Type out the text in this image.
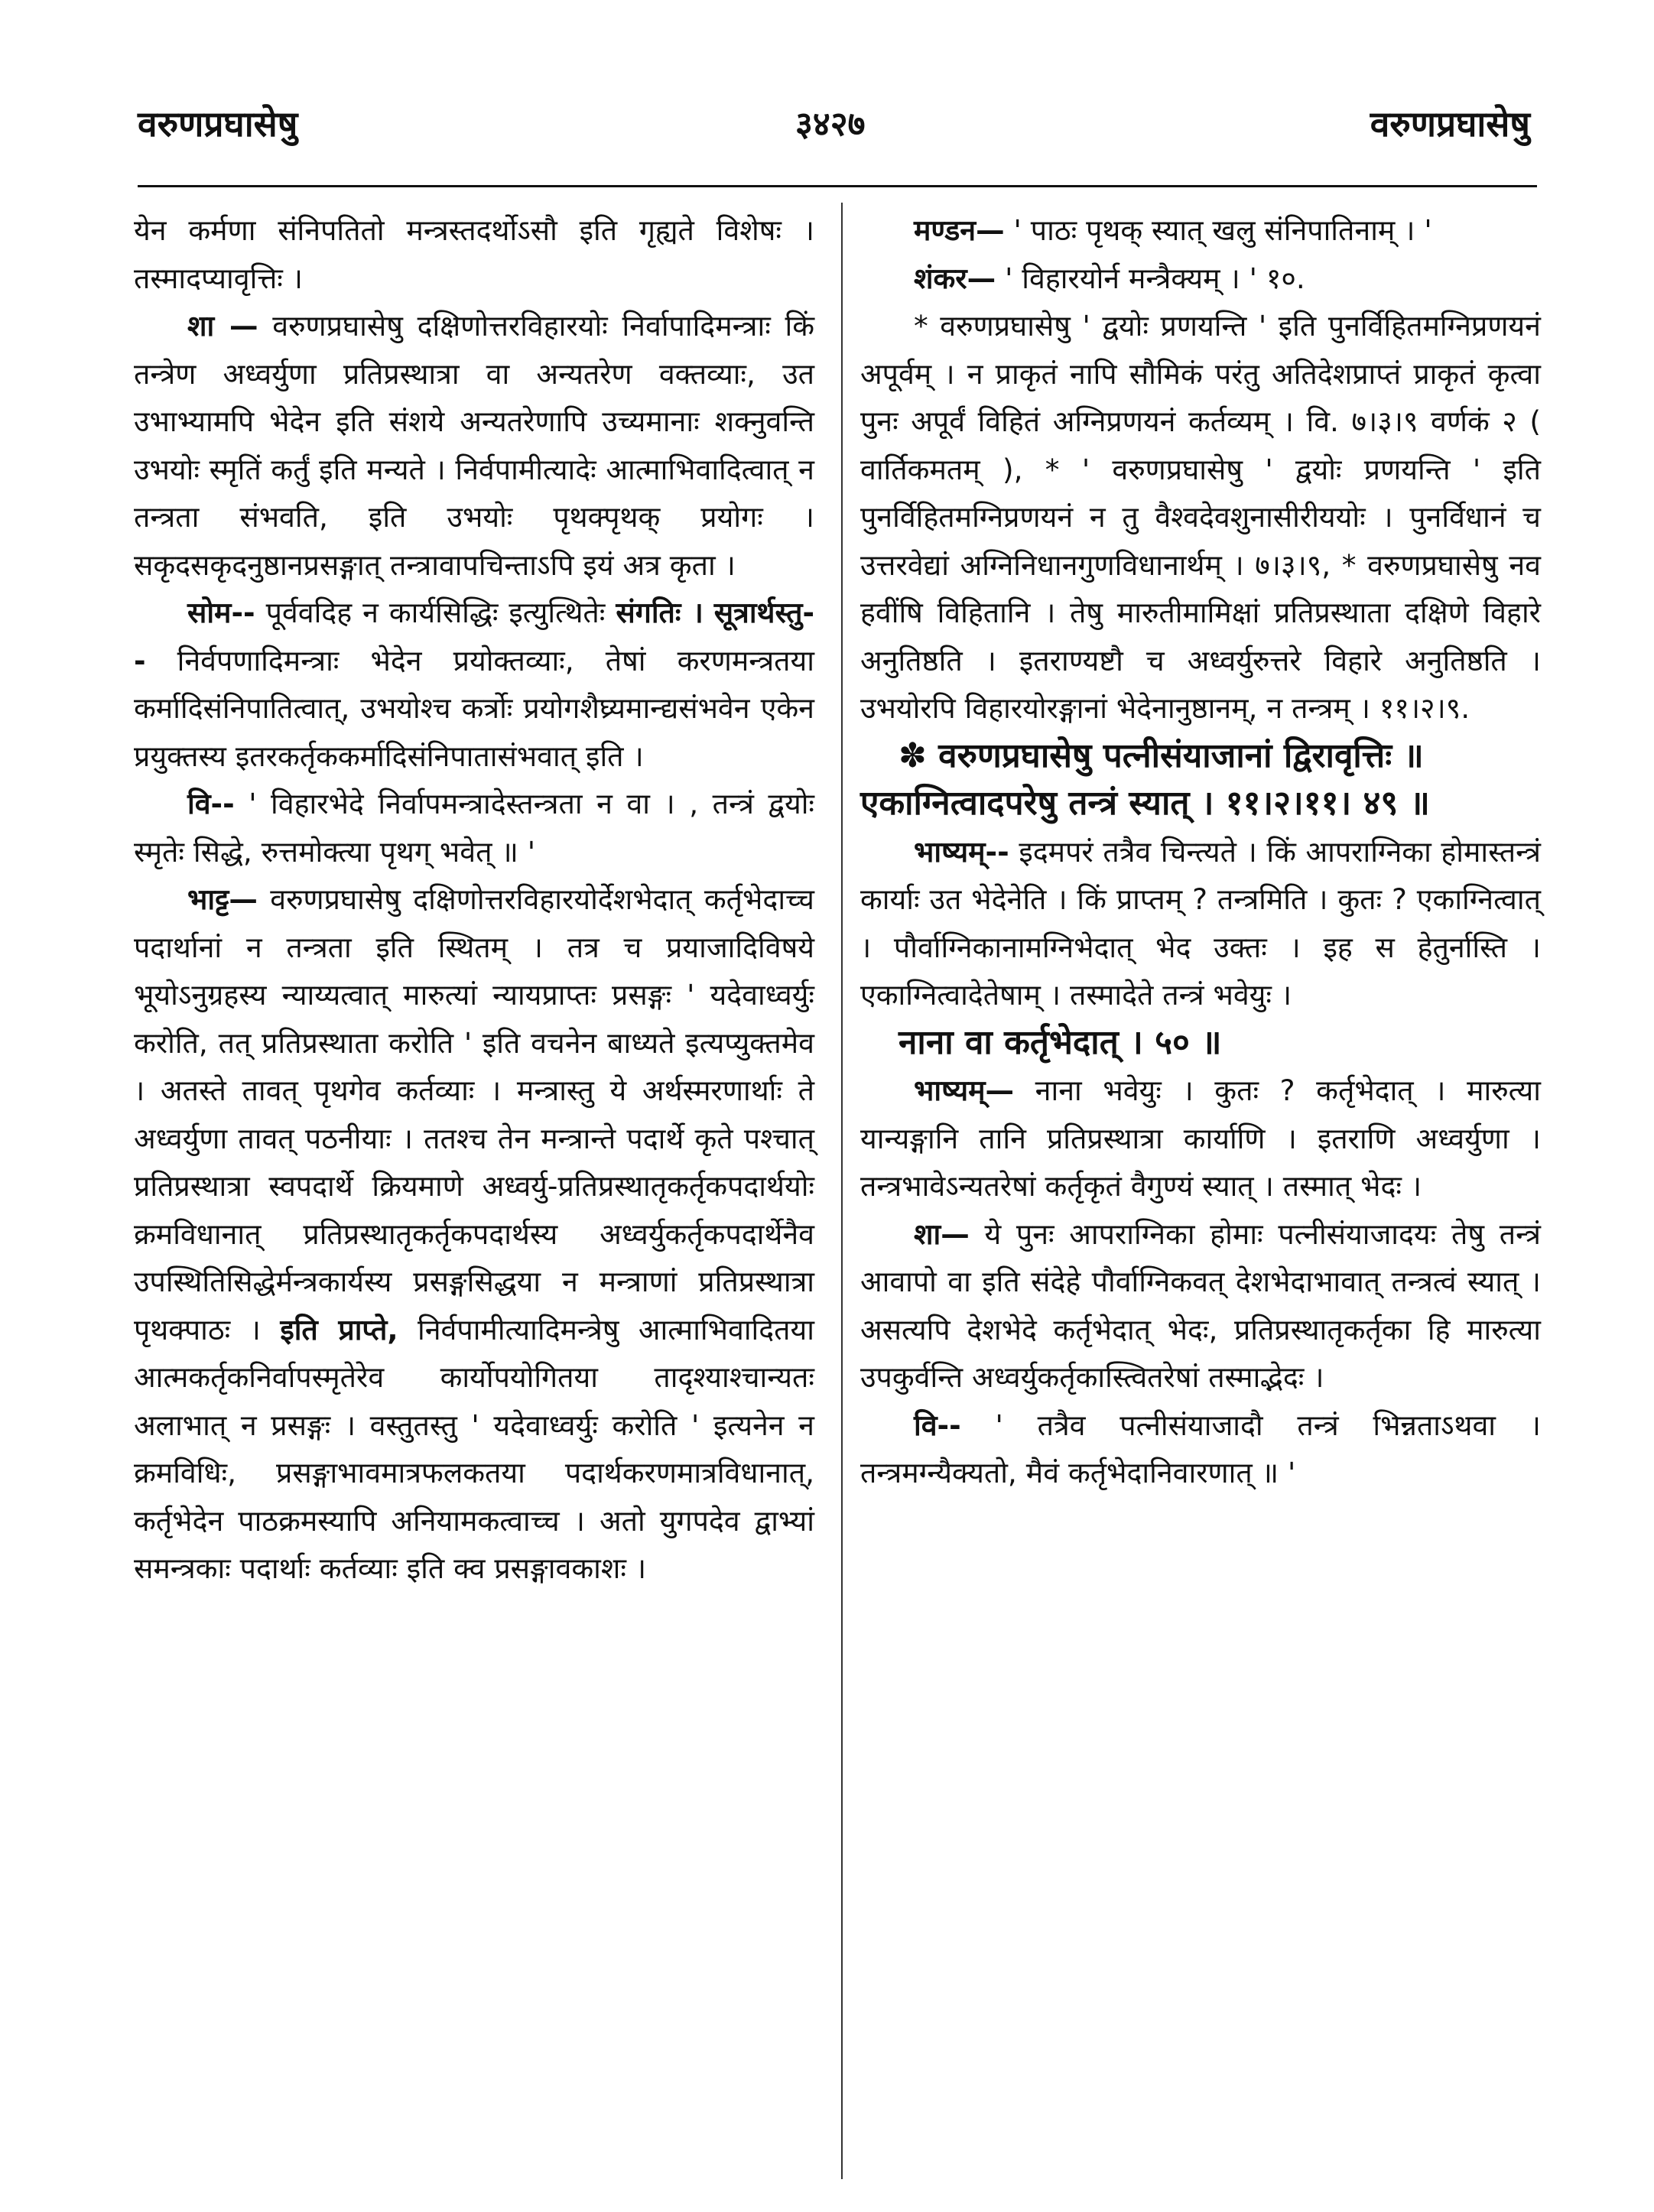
वरुणप्रघासेषु	३४२७	वरुणप्रघासेषु

येन कर्मणा संनिपतितो मन्त्रस्तदर्थोऽसौ इति गृह्यते विशेषः । तस्मादप्यावृत्तिः ।

शा — वरुणप्रघासेषु दक्षिणोत्तरविहारयोः निर्वापादिमन्त्राः किं तन्त्रेण अध्वर्युणा प्रतिप्रस्थात्रा वा अन्यतरेण वक्तव्याः, उत उभाभ्यामपि भेदेन इति संशये अन्यतरेणापि उच्यमानाः शक्नुवन्ति उभयोः स्मृतिं कर्तुं इति मन्यते । निर्वपामीत्यादेः आत्माभिवादित्वात् न तन्त्रता संभवति, इति उभयोः पृथक्पृथक् प्रयोगः । सकृदसकृदनुष्ठानप्रसङ्गात् तन्त्रावापचिन्ताऽपि इयं अत्र कृता ।

सोम-- पूर्ववदिह न कार्यसिद्धिः इत्युत्थितेः संगतिः । सूत्रार्थस्तु-- निर्वपणादिमन्त्राः भेदेन प्रयोक्तव्याः, तेषां करणमन्त्रतया कर्मादिसंनिपातित्वात्, उभयोश्च कर्त्रोः प्रयोगशैघ्र्यमान्द्यसंभवेन एकेन प्रयुक्तस्य इतरकर्तृककर्मादिसंनिपातासंभवात् इति ।

वि-- ' विहारभेदे निर्वापमन्त्रादेस्तन्त्रता न वा । , तन्त्रं द्वयोः स्मृतेः सिद्धे, रुत्तमोक्त्या पृथग् भवेत् ॥ '

भाट्ट— वरुणप्रघासेषु दक्षिणोत्तरविहारयोर्देशभेदात् कर्तृभेदाच्च पदार्थानां न तन्त्रता इति स्थितम् । तत्र च प्रयाजादिविषये भूयोऽनुग्रहस्य न्याय्यत्वात् मारुत्यां न्यायप्राप्तः प्रसङ्गः ' यदेवाध्वर्युः करोति, तत् प्रतिप्रस्थाता करोति ' इति वचनेन बाध्यते इत्यप्युक्तमेव । अतस्ते तावत् पृथगेव कर्तव्याः । मन्त्रास्तु ये अर्थस्मरणार्थाः ते अध्वर्युणा तावत् पठनीयाः । ततश्च तेन मन्त्रान्ते पदार्थे कृते पश्चात् प्रतिप्रस्थात्रा स्वपदार्थे क्रियमाणे अध्वर्यु-प्रतिप्रस्थातृकर्तृकपदार्थयोः क्रमविधानात् प्रतिप्रस्थातृकर्तृकपदार्थस्य अध्वर्युकर्तृकपदार्थेनैव उपस्थितिसिद्धेर्मन्त्रकार्यस्य प्रसङ्गसिद्धया न मन्त्राणां प्रतिप्रस्थात्रा पृथक्पाठः । इति प्राप्ते, निर्वपामीत्यादिमन्त्रेषु आत्माभिवादितया आत्मकर्तृकनिर्वापस्मृतेरेव कार्योपयोगितया तादृश्याश्चान्यतः अलाभात् न प्रसङ्गः । वस्तुतस्तु ' यदेवाध्वर्युः करोति ' इत्यनेन न क्रमविधिः, प्रसङ्गाभावमात्रफलकतया पदार्थकरणमात्रविधानात्, कर्तृभेदेन पाठक्रमस्यापि अनियामकत्वाच्च । अतो युगपदेव द्वाभ्यां समन्त्रकाः पदार्थाः कर्तव्याः इति क्व प्रसङ्गावकाशः ।

मण्डन— ' पाठः पृथक् स्यात् खलु संनिपातिनाम् । '

शंकर— ' विहारयोर्न मन्त्रैक्यम् । ' १०.

* वरुणप्रघासेषु ' द्वयोः प्रणयन्ति ' इति पुनर्विहितमग्निप्रणयनं अपूर्वम् । न प्राकृतं नापि सौमिकं परंतु अतिदेशप्राप्तं प्राकृतं कृत्वा पुनः अपूर्वं विहितं अग्निप्रणयनं कर्तव्यम् । वि. ७।३।९ वर्णकं २ ( वार्तिकमतम् ), * ' वरुणप्रघासेषु ' द्वयोः प्रणयन्ति ' इति पुनर्विहितमग्निप्रणयनं न तु वैश्वदेवशुनासीरीययोः । पुनर्विधानं च उत्तरवेद्यां अग्निनिधानगुणविधानार्थम् । ७।३।९, * वरुणप्रघासेषु नव हवींषि विहितानि । तेषु मारुतीमामिक्षां प्रतिप्रस्थाता दक्षिणे विहारे अनुतिष्ठति । इतराण्यष्टौ च अध्वर्युरुत्तरे विहारे अनुतिष्ठति । उभयोरपि विहारयोरङ्गानां भेदेनानुष्ठानम्, न तन्त्रम् । ११।२।९.

✽ वरुणप्रघासेषु पत्नीसंयाजानां द्विरावृत्तिः ॥

एकाग्नित्वादपरेषु तन्त्रं स्यात् । ११।२।११। ४९ ॥

भाष्यम्-- इदमपरं तत्रैव चिन्त्यते । किं आपराग्निका होमास्तन्त्रं कार्याः उत भेदेनेति । किं प्राप्तम् ? तन्त्रमिति । कुतः ? एकाग्नित्वात् । पौर्वाग्निकानामग्निभेदात् भेद उक्तः । इह स हेतुर्नास्ति । एकाग्नित्वादेतेषाम् । तस्मादेते तन्त्रं भवेयुः ।

नाना वा कर्तृभेदात् । ५० ॥

भाष्यम्— नाना भवेयुः । कुतः ? कर्तृभेदात् । मारुत्या यान्यङ्गानि तानि प्रतिप्रस्थात्रा कार्याणि । इतराणि अध्वर्युणा । तन्त्रभावेऽन्यतरेषां कर्तृकृतं वैगुण्यं स्यात् । तस्मात् भेदः ।

शा— ये पुनः आपराग्निका होमाः पत्नीसंयाजादयः तेषु तन्त्रं आवापो वा इति संदेहे पौर्वाग्निकवत् देशभेदाभावात् तन्त्रत्वं स्यात् । असत्यपि देशभेदे कर्तृभेदात् भेदः, प्रतिप्रस्थातृकर्तृका हि मारुत्या उपकुर्वन्ति अध्वर्युकर्तृकास्त्वितरेषां तस्माद्भेदः ।

वि-- ' तत्रैव पत्नीसंयाजादौ तन्त्रं भिन्नताऽथवा । तन्त्रमग्न्यैक्यतो, मैवं कर्तृभेदानिवारणात् ॥ '
